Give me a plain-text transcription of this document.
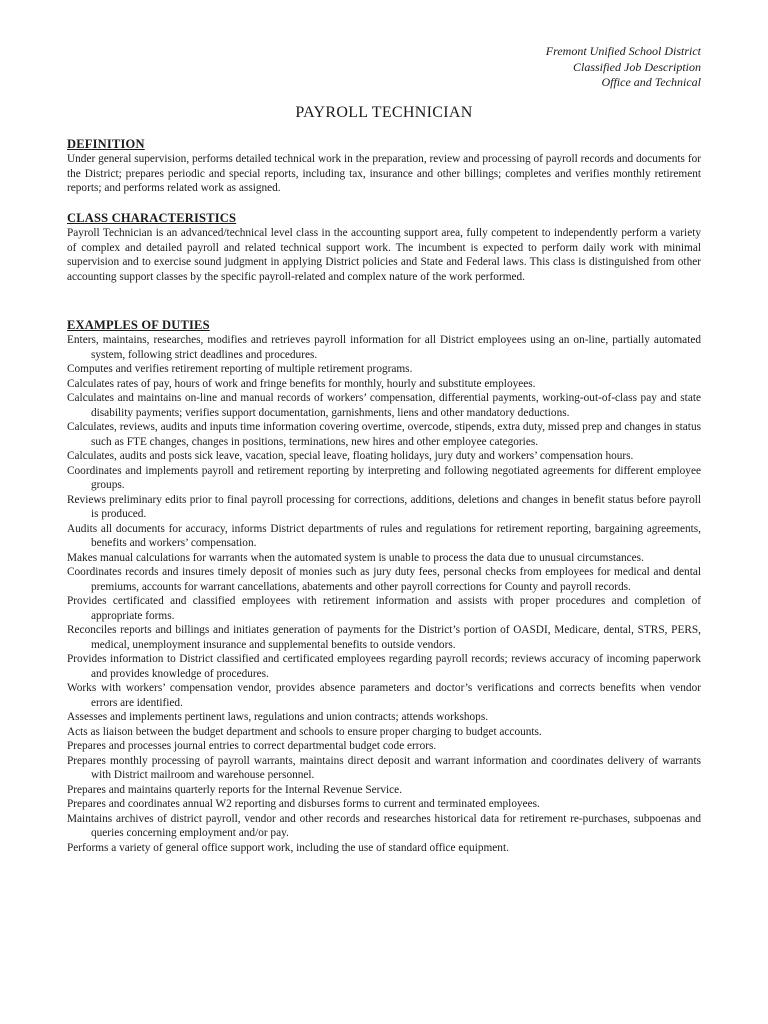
Fremont Unified School District
Classified Job Description
Office and Technical
PAYROLL TECHNICIAN
DEFINITION

Under general supervision, performs detailed technical work in the preparation, review and processing of payroll records and documents for the District; prepares periodic and special reports, including tax, insurance and other billings; completes and verifies monthly retirement reports; and performs related work as assigned.

CLASS CHARACTERISTICS

Payroll Technician is an advanced/technical level class in the accounting support area, fully competent to independently perform a variety of complex and detailed payroll and related technical support work. The incumbent is expected to perform daily work with minimal supervision and to exercise sound judgment in applying District policies and State and Federal laws. This class is distinguished from other accounting support classes by the specific payroll-related and complex nature of the work performed.

EXAMPLES OF DUTIES
Enters, maintains, researches, modifies and retrieves payroll information for all District employees using an on-line, partially automated system, following strict deadlines and procedures.
Computes and verifies retirement reporting of multiple retirement programs.
Calculates rates of pay, hours of work and fringe benefits for monthly, hourly and substitute employees.
Calculates and maintains on-line and manual records of workers’ compensation, differential payments, working-out-of-class pay and state disability payments; verifies support documentation, garnishments, liens and other mandatory deductions.
Calculates, reviews, audits and inputs time information covering overtime, overcode, stipends, extra duty, missed prep and changes in status such as FTE changes, changes in positions, terminations, new hires and other employee categories.
Calculates, audits and posts sick leave, vacation, special leave, floating holidays, jury duty and workers’ compensation hours.
Coordinates and implements payroll and retirement reporting by interpreting and following negotiated agreements for different employee groups.
Reviews preliminary edits prior to final payroll processing for corrections, additions, deletions and changes in benefit status before payroll is produced.
Audits all documents for accuracy, informs District departments of rules and regulations for retirement reporting, bargaining agreements, benefits and workers’ compensation.
Makes manual calculations for warrants when the automated system is unable to process the data due to unusual circumstances.
Coordinates records and insures timely deposit of monies such as jury duty fees, personal checks from employees for medical and dental premiums, accounts for warrant cancellations, abatements and other payroll corrections for County and payroll records.
Provides certificated and classified employees with retirement information and assists with proper procedures and completion of appropriate forms.
Reconciles reports and billings and initiates generation of payments for the District’s portion of OASDI, Medicare, dental, STRS, PERS, medical, unemployment insurance and supplemental benefits to outside vendors.
Provides information to District classified and certificated employees regarding payroll records; reviews accuracy of incoming paperwork and provides knowledge of procedures.
Works with workers’ compensation vendor, provides absence parameters and doctor’s verifications and corrects benefits when vendor errors are identified.
Assesses and implements pertinent laws, regulations and union contracts; attends workshops.
Acts as liaison between the budget department and schools to ensure proper charging to budget accounts.
Prepares and processes journal entries to correct departmental budget code errors.
Prepares monthly processing of payroll warrants, maintains direct deposit and warrant information and coordinates delivery of warrants with District mailroom and warehouse personnel.
Prepares and maintains quarterly reports for the Internal Revenue Service.
Prepares and coordinates annual W2 reporting and disburses forms to current and terminated employees.
Maintains archives of district payroll, vendor and other records and researches historical data for retirement re-purchases, subpoenas and queries concerning employment and/or pay.
Performs a variety of general office support work, including the use of standard office equipment.
